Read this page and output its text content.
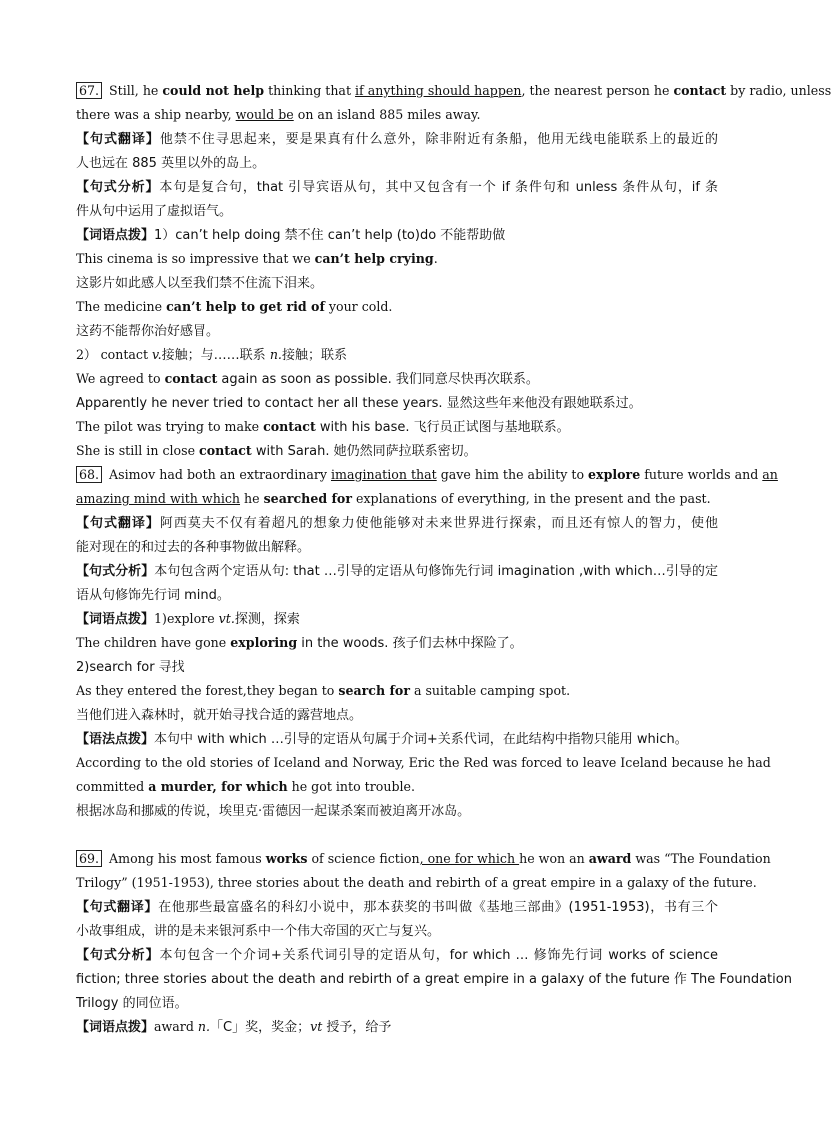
67. Still, he could not help thinking that if anything should happen, the nearest person he contact by radio, unless
there was a ship nearby, would be on an island 885 miles away.
【句式翻译】他禁不住寻思起来，要是果真有什么意外，除非附近有条船，他用无线电能联系上的最近的
人也远在 885 英里以外的岛上。
【句式分析】本句是复合句，that 引导宾语从句，其中又包含有一个 if 条件句和 unless 条件从句，if 条
件从句中运用了虚拟语气。
【词语点拨】1）can’t help doing 禁不住 can’t help (to)do 不能帮助做
This cinema is so impressive that we can’t help crying.
这影片如此感人以至我们禁不住流下泪来。
The medicine can’t help to get rid of your cold.
这药不能帮你治好感冒。
2） contact v.接触；与……联系 n.接触；联系
We agreed to contact again as soon as possible. 我们同意尽快再次联系。
Apparently he never tried to contact her all these years. 显然这些年来他没有跟她联系过。
The pilot was trying to make contact with his base. 飞行员正试图与基地联系。
She is still in close contact with Sarah. 她仍然同萨拉联系密切。
68. Asimov had both an extraordinary imagination that gave him the ability to explore future worlds and an
amazing mind with which he searched for explanations of everything, in the present and the past.
【句式翻译】阿西莫夫不仅有着超凡的想象力使他能够对未来世界进行探索，而且还有惊人的智力，使他
能对现在的和过去的各种事物做出解释。
【句式分析】本句包含两个定语从句: that …引导的定语从句修饰先行词 imagination ,with which…引导的定
语从句修饰先行词 mind。
【词语点拨】1)explore vt.探测，探索
The children have gone exploring in the woods. 孩子们去林中探险了。
2)search for 寻找
As they entered the forest,they began to search for a suitable camping spot.
当他们进入森林时，就开始寻找合适的露营地点。
【语法点拨】本句中 with which …引导的定语从句属于介词+关系代词，在此结构中指物只能用 which。
According to the old stories of Iceland and Norway, Eric the Red was forced to leave Iceland because he had
committed a murder, for which he got into trouble.
根据冰岛和挪威的传说，埃里克·雷德因一起谋杀案而被迫离开冰岛。
69. Among his most famous works of science fiction, one for which he won an award was “The Foundation
Trilogy” (1951-1953), three stories about the death and rebirth of a great empire in a galaxy of the future.
【句式翻译】在他那些最富盛名的科幻小说中，那本获奖的书叫做《基地三部曲》(1951-1953)，书有三个
小故事组成，讲的是未来银河系中一个伟大帝国的灭亡与复兴。
【句式分析】本句包含一个介词+关系代词引导的定语从句，for which … 修饰先行词 works of science
fiction; three stories about the death and rebirth of a great empire in a galaxy of the future 作 The Foundation
Trilogy 的同位语。
【词语点拨】award n.「C」奖，奖金；vt 授予，给予
